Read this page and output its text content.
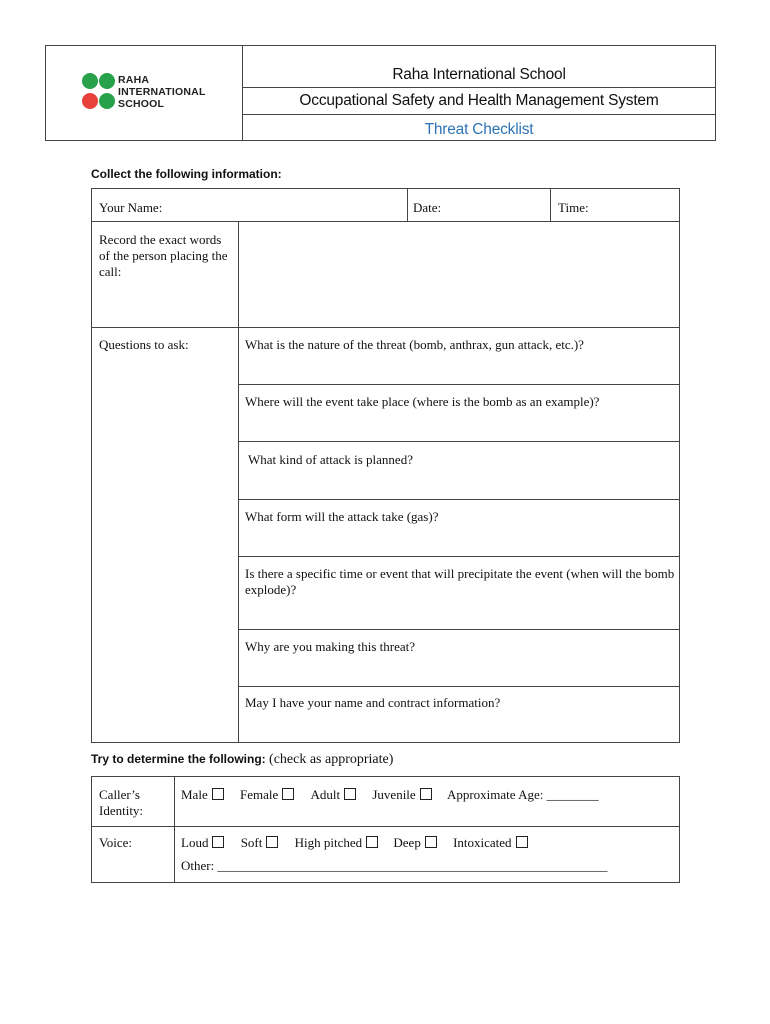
RAHA
INTERNATIONAL
SCHOOL
Raha International School
Occupational Safety and Health Management System
Threat Checklist
Collect the following information:
Your Name:	Date:	Time:
Record the exact words of the person placing the call:
Questions to ask:	What is the nature of the threat (bomb, anthrax, gun attack, etc.)?
Where will the event take place (where is the bomb as an example)?
What kind of attack is planned?
What form will the attack take (gas)?
Is there a specific time or event that will precipitate the event (when will the bomb explode)?
Why are you making this threat?
May I have your name and contract information?
Try to determine the following: (check as appropriate)
Caller’s Identity:
Male Female Adult Juvenile Approximate Age: ________
Voice:	Loud Soft High pitched Deep Intoxicated
Other: ____________________________________________________________
